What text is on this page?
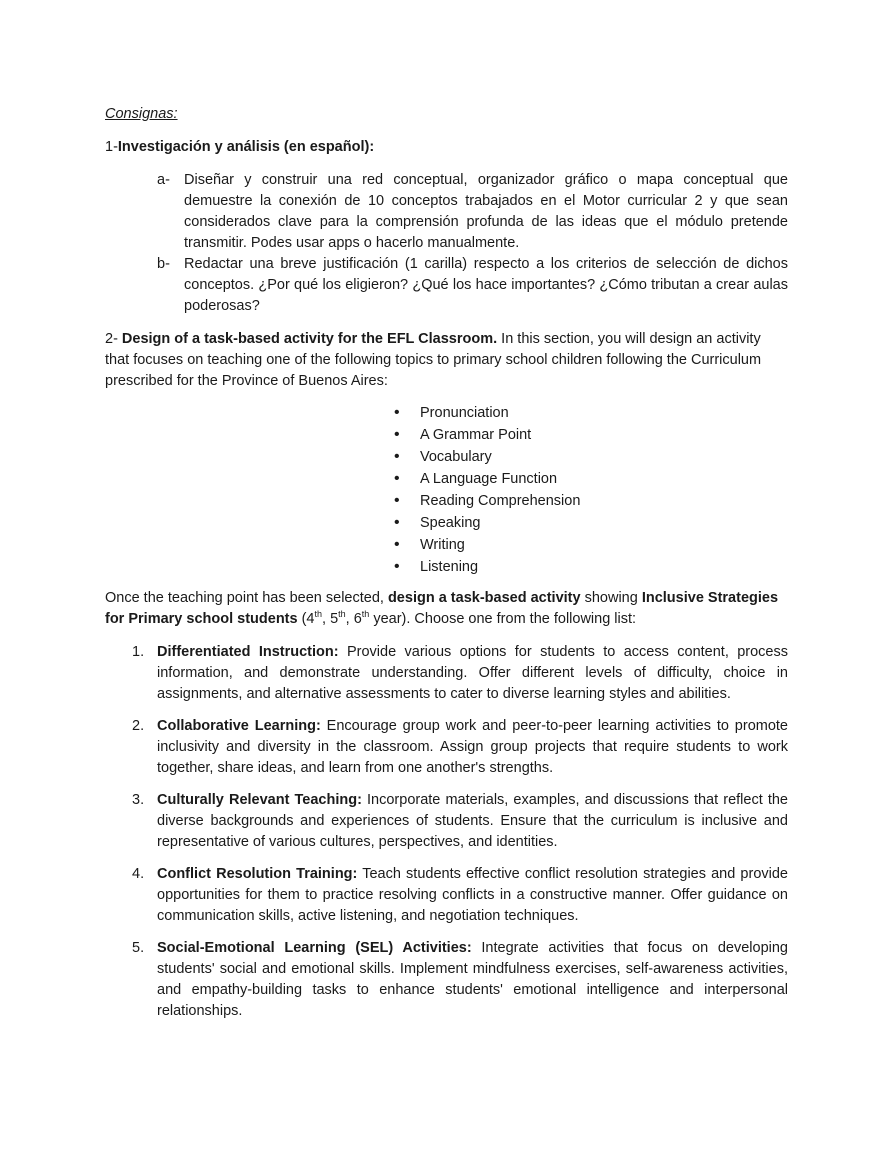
Consignas:

1-Investigación y análisis (en español):

a- Diseñar y construir una red conceptual, organizador gráfico o mapa conceptual que demuestre la conexión de 10 conceptos trabajados en el Motor curricular 2 y que sean considerados clave para la comprensión profunda de las ideas que el módulo pretende transmitir. Podes usar apps o hacerlo manualmente.
b- Redactar una breve justificación (1 carilla) respecto a los criterios de selección de dichos conceptos. ¿Por qué los eligieron? ¿Qué los hace importantes? ¿Cómo tributan a crear aulas poderosas?

2- Design of a task-based activity for the EFL Classroom. In this section, you will design an activity that focuses on teaching one of the following topics to primary school children following the Curriculum prescribed for the Province of Buenos Aires:

• Pronunciation
• A Grammar Point
• Vocabulary
• A Language Function
• Reading Comprehension
• Speaking
• Writing
• Listening

Once the teaching point has been selected, design a task-based activity showing Inclusive Strategies for Primary school students (4th, 5th, 6th year). Choose one from the following list:

1. Differentiated Instruction: Provide various options for students to access content, process information, and demonstrate understanding. Offer different levels of difficulty, choice in assignments, and alternative assessments to cater to diverse learning styles and abilities.
2. Collaborative Learning: Encourage group work and peer-to-peer learning activities to promote inclusivity and diversity in the classroom. Assign group projects that require students to work together, share ideas, and learn from one another's strengths.
3. Culturally Relevant Teaching: Incorporate materials, examples, and discussions that reflect the diverse backgrounds and experiences of students. Ensure that the curriculum is inclusive and representative of various cultures, perspectives, and identities.
4. Conflict Resolution Training: Teach students effective conflict resolution strategies and provide opportunities for them to practice resolving conflicts in a constructive manner. Offer guidance on communication skills, active listening, and negotiation techniques.
5. Social-Emotional Learning (SEL) Activities: Integrate activities that focus on developing students' social and emotional skills. Implement mindfulness exercises, self-awareness activities, and empathy-building tasks to enhance students' emotional intelligence and interpersonal relationships.
